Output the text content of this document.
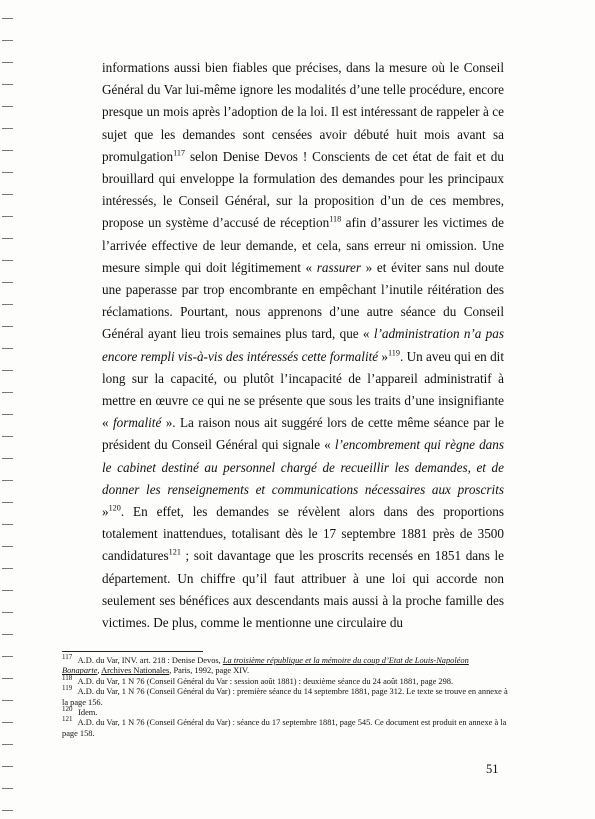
informations aussi bien fiables que précises, dans la mesure où le Conseil Général du Var lui-même ignore les modalités d’une telle procédure, encore presque un mois après l’adoption de la loi. Il est intéressant de rappeler à ce sujet que les demandes sont censées avoir débuté huit mois avant sa promulgation$^{117}$ selon Denise Devos ! Conscients de cet état de fait et du brouillard qui enveloppe la formulation des demandes pour les principaux intéressés, le Conseil Général, sur la proposition d’un de ces membres, propose un système d’accusé de réception$^{118}$ afin d’assurer les victimes de l’arrivée effective de leur demande, et cela, sans erreur ni omission. Une mesure simple qui doit légitimement « rassurer » et éviter sans nul doute une paperasse par trop encombrante en empêchant l’inutile réitération des réclamations. Pourtant, nous apprenons d’une autre séance du Conseil Général ayant lieu trois semaines plus tard, que « l’administration n’a pas encore rempli vis-à-vis des intéressés cette formalité »$^{119}$. Un aveu qui en dit long sur la capacité, ou plutôt l’incapacité de l’appareil administratif à mettre en œuvre ce qui ne se présente que sous les traits d’une insignifiante « formalité ». La raison nous ait suggéré lors de cette même séance par le président du Conseil Général qui signale « l’encombrement qui règne dans le cabinet destiné au personnel chargé de recueillir les demandes, et de donner les renseignements et communications nécessaires aux proscrits »$^{120}$. En effet, les demandes se révèlent alors dans des proportions totalement inattendues, totalisant dès le 17 septembre 1881 près de 3500 candidatures$^{121}$ ; soit davantage que les proscrits recensés en 1851 dans le département. Un chiffre qu’il faut attribuer à une loi qui accorde non seulement ses bénéfices aux descendants mais aussi à la proche famille des victimes. De plus, comme le mentionne une circulaire du

$^{117}$ A.D. du Var, INV. art. 218 : Denise Devos, La troisième république et la mémoire du coup d’Etat de Louis-Napoléon Bonaparte, Archives Nationales, Paris, 1992, page XIV.

$^{118}$ A.D. du Var, 1 N 76 (Conseil Général du Var : session août 1881) : deuxième séance du 24 août 1881, page 298.

$^{119}$ A.D. du Var, 1 N 76 (Conseil Général du Var) : première séance du 14 septembre 1881, page 312. Le texte se trouve en annexe à la page 156.

$^{120}$ Idem.

$^{121}$ A.D. du Var, 1 N 76 (Conseil Général du Var) : séance du 17 septembre 1881, page 545. Ce document est produit en annexe à la page 158.

51
